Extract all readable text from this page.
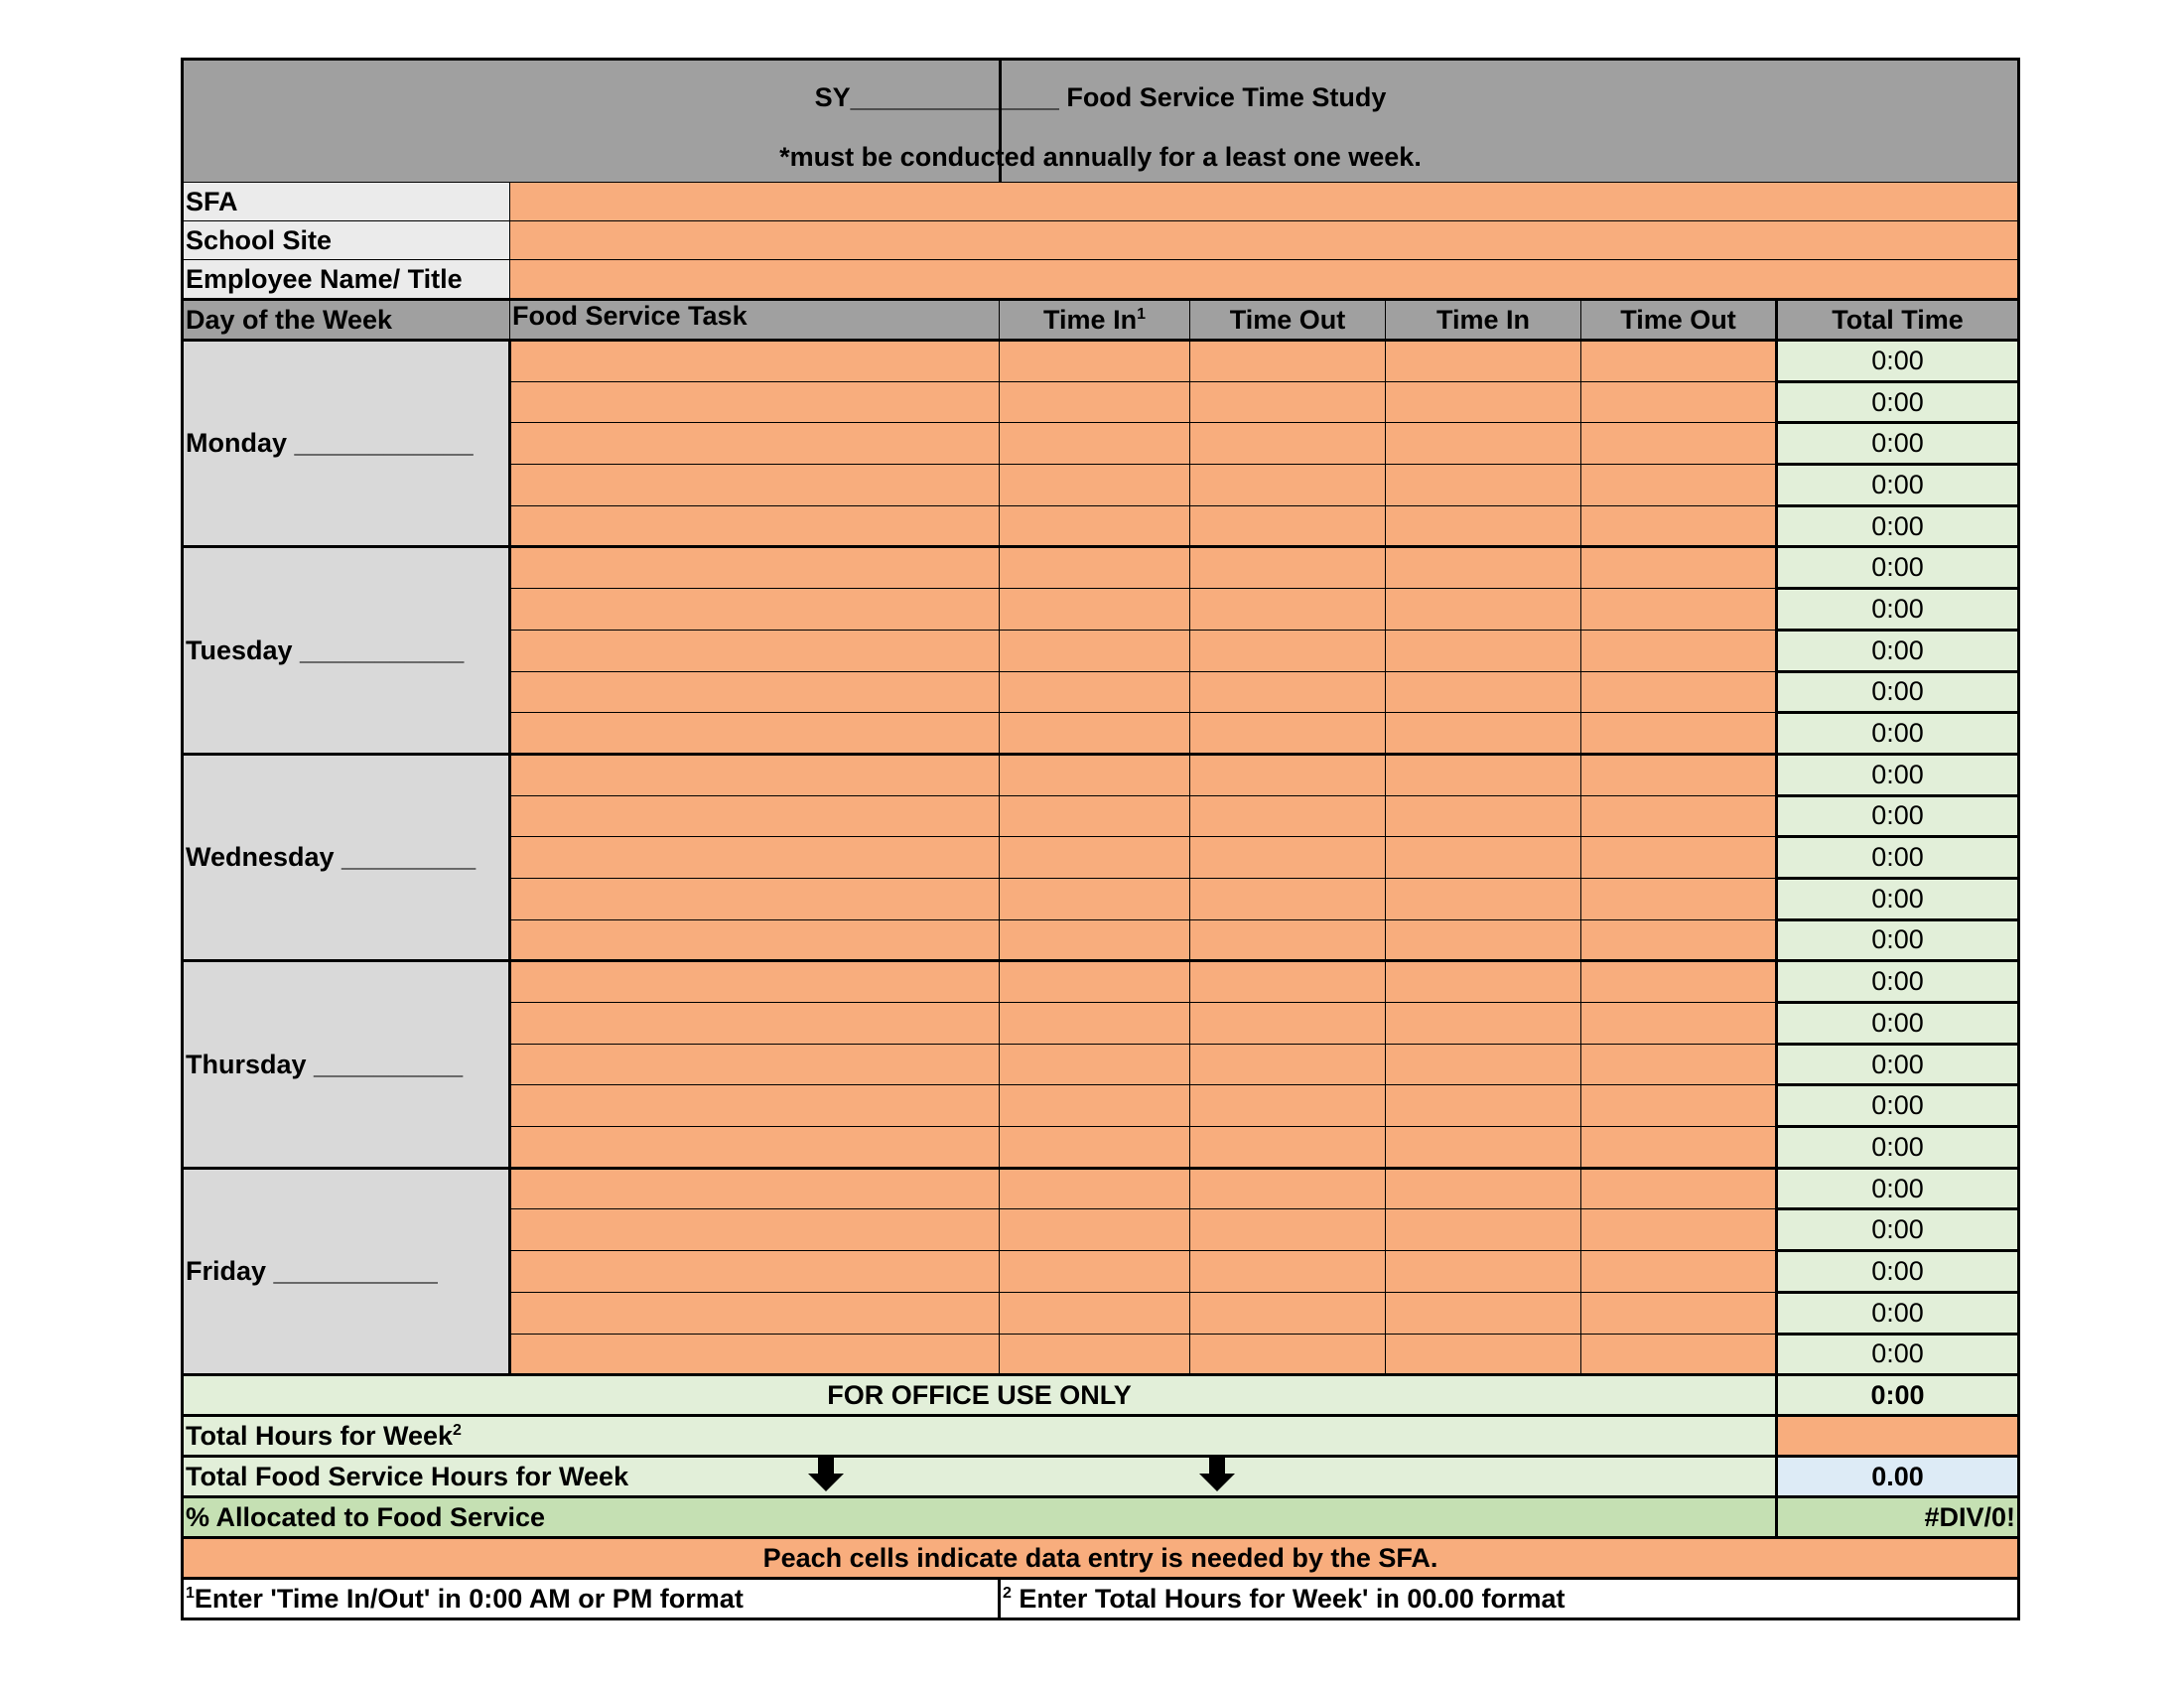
SY______________ Food Service Time Study
*must be conducted annually for a least one week.						

SFA						
School Site						
Employee Name/ Title						
Day of the Week	Food Service Task	Time In$^1$	Time Out	Time In	Time Out	Total Time
Monday ____________						0:00
						0:00
						0:00
						0:00
						0:00
Tuesday ___________						0:00
						0:00
						0:00
						0:00
						0:00
Wednesday _________						0:00
						0:00
						0:00
						0:00
						0:00
Thursday __________						0:00
						0:00
						0:00
						0:00
						0:00
Friday ___________						0:00
						0:00
						0:00
						0:00
						0:00
FOR OFFICE USE ONLY						0:00
Total Hours for Week$^2$	
Total Food Service Hours for Week						0.00
% Allocated to Food Service						#DIV/0!
Peach cells indicate data entry is needed by the SFA.						
$^1$Enter 'Time In/Out' in 0:00 AM or PM format		$^2$ Enter Total Hours for Week' in 00.00 format				
